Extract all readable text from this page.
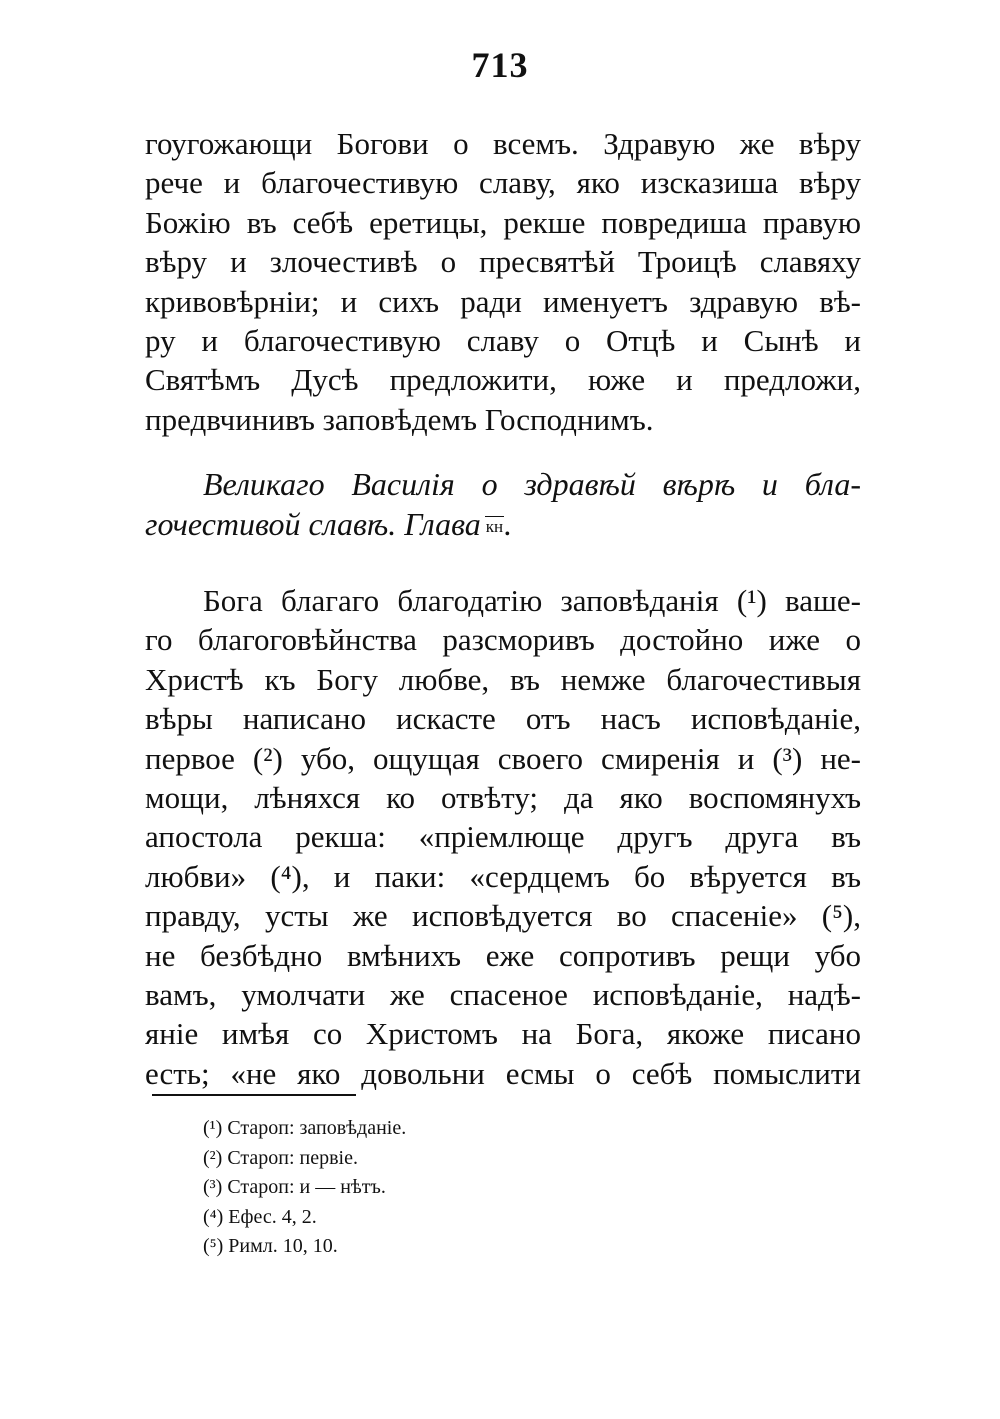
713
гоугожающи Богови о всемъ. Здравую же вѣру
рече и благочестивую славу, яко изсказиша вѣру
Божію въ себѣ еретицы, рекше повредиша правую
вѣру и злочестивѣ о пресвятѣй Троицѣ славяху
кривовѣрніи; и сихъ ради именуетъ здравую вѣ-
ру и благочестивую славу о Отцѣ и Сынѣ и
Святѣмъ Дусѣ предложити, юже и предложи,
предвчинивъ заповѣдемъ Господнимъ.
Великаго Василія о здравѣй вѣрѣ и бла-
гочестивой славѣ. Глава кн.
Бога благаго благодатію заповѣданія (¹) ваше-
го благоговѣйнства разсморивъ достойно иже о
Христѣ къ Богу любве, въ немже благочестивыя
вѣры написано искасте отъ насъ исповѣданіе,
первое (²) убо, ощущая своего смиренія и (³) не-
мощи, лѣняхся ко отвѣту; да яко воспомянухъ
апостола рекша: «пріемлюще другъ друга въ
любви» (⁴), и паки: «сердцемъ бо вѣруется въ
правду, усты же исповѣдуется во спасеніе» (⁵),
не безбѣдно вмѣнихъ еже сопротивъ рещи убо
вамъ, умолчати же спасеное исповѣданіе, надѣ-
яніе имѣя со Христомъ на Бога, якоже писано
есть; «не яко довольни есмы о себѣ помыслити
(¹) Староп: заповѣданіе.
(²) Староп: первіе.
(³) Староп: и — нѣтъ.
(⁴) Ефес. 4, 2.
(⁵) Римл. 10, 10.
